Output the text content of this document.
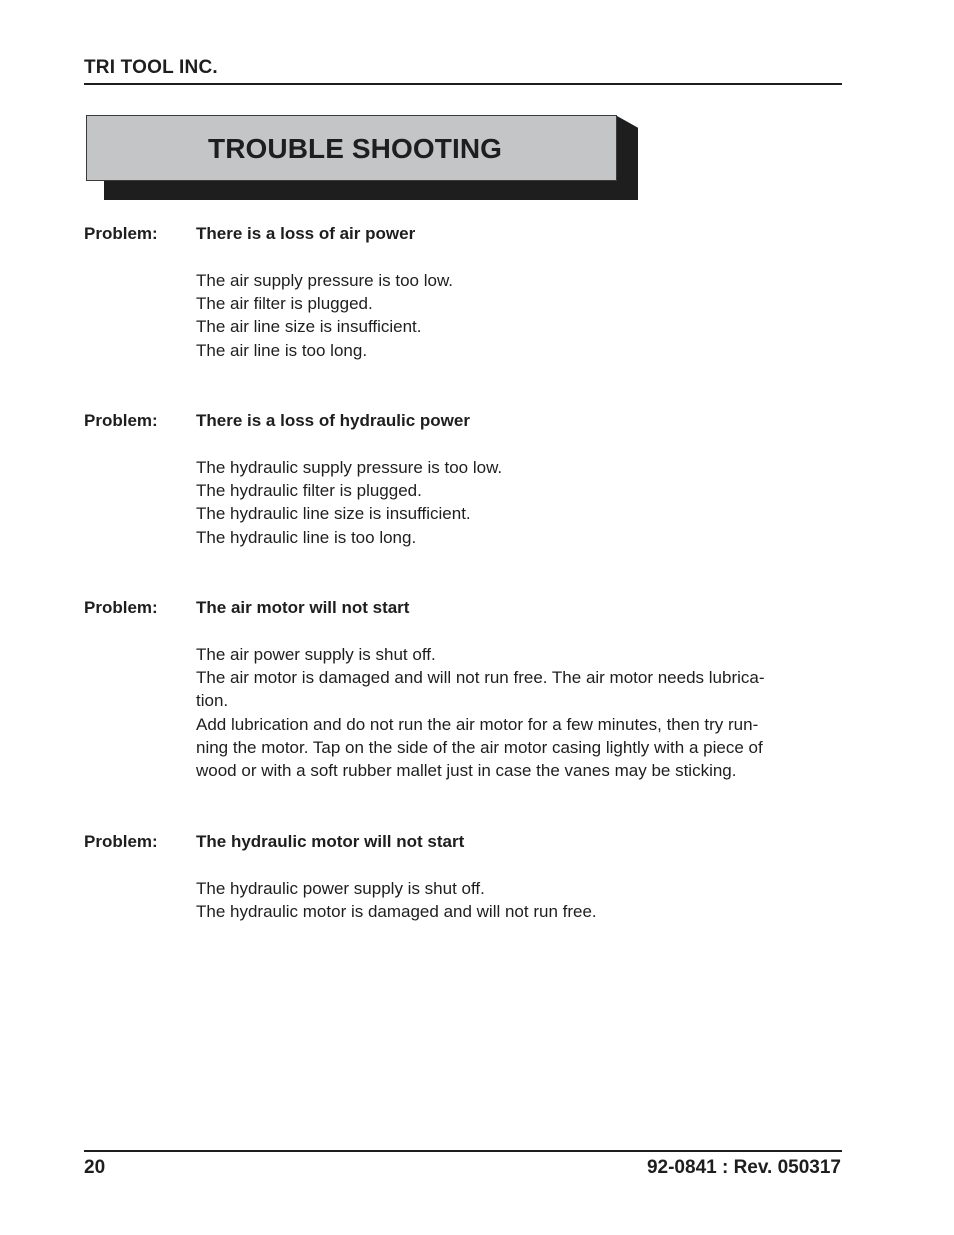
TRI TOOL INC.
TROUBLE SHOOTING
Problem: There is a loss of air power
The air supply pressure is too low.
The air filter is plugged.
The air line size is insufficient.
The air line is too long.
Problem: There is a loss of hydraulic power
The hydraulic supply pressure is too low.
The hydraulic filter is plugged.
The hydraulic line size is insufficient.
The hydraulic line is too long.
Problem: The air motor will not start
The air power supply is shut off.
The air motor is damaged and will not run free. The air motor needs lubrica-
tion.
Add lubrication and do not run the air motor for a few minutes, then try run-
ning the motor. Tap on the side of the air motor casing lightly with a piece of
wood or with a soft rubber mallet just in case the vanes may be sticking.
Problem: The hydraulic motor will not start
The hydraulic power supply is shut off.
The hydraulic motor is damaged and will not run free.
20	92-0841 : Rev. 050317
